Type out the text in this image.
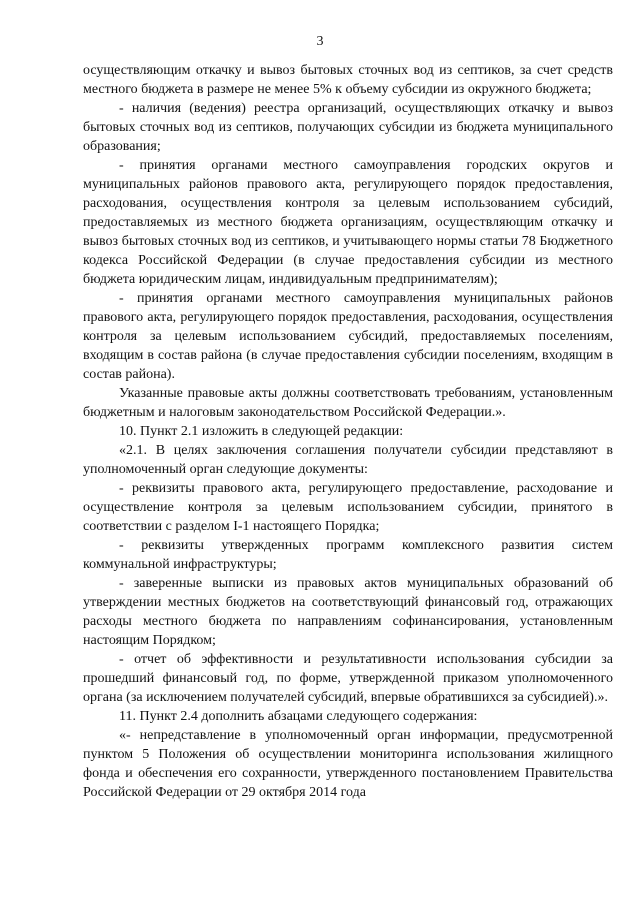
3

осуществляющим откачку и вывоз бытовых сточных вод из септиков, за счет средств местного бюджета в размере не менее 5% к объему субсидии из окружного бюджета;

- наличия (ведения) реестра организаций, осуществляющих откачку и вывоз бытовых сточных вод из септиков, получающих субсидии из бюджета муниципального образования;

- принятия органами местного самоуправления городских округов и муниципальных районов правового акта, регулирующего порядок предоставления, расходования, осуществления контроля за целевым использованием субсидий, предоставляемых из местного бюджета организациям, осуществляющим откачку и вывоз бытовых сточных вод из септиков, и учитывающего нормы статьи 78 Бюджетного кодекса Российской Федерации (в случае предоставления субсидии из местного бюджета юридическим лицам, индивидуальным предпринимателям);

- принятия органами местного самоуправления муниципальных районов правового акта, регулирующего порядок предоставления, расходования, осуществления контроля за целевым использованием субсидий, предоставляемых поселениям, входящим в состав района (в случае предоставления субсидии поселениям, входящим в состав района).

Указанные правовые акты должны соответствовать требованиям, установленным бюджетным и налоговым законодательством Российской Федерации.».

10. Пункт 2.1 изложить в следующей редакции:

«2.1. В целях заключения соглашения получатели субсидии представляют в уполномоченный орган следующие документы:

- реквизиты правового акта, регулирующего предоставление, расходование и осуществление контроля за целевым использованием субсидии, принятого в соответствии с разделом I-1 настоящего Порядка;

- реквизиты утвержденных программ комплексного развития систем коммунальной инфраструктуры;

- заверенные выписки из правовых актов муниципальных образований об утверждении местных бюджетов на соответствующий финансовый год, отражающих расходы местного бюджета по направлениям софинансирования, установленным настоящим Порядком;

- отчет об эффективности и результативности использования субсидии за прошедший финансовый год, по форме, утвержденной приказом уполномоченного органа (за исключением получателей субсидий, впервые обратившихся за субсидией).».

11. Пункт 2.4 дополнить абзацами следующего содержания:

«- непредставление в уполномоченный орган информации, предусмотренной пунктом 5 Положения об осуществлении мониторинга использования жилищного фонда и обеспечения его сохранности, утвержденного постановлением Правительства Российской Федерации от 29 октября 2014 года
